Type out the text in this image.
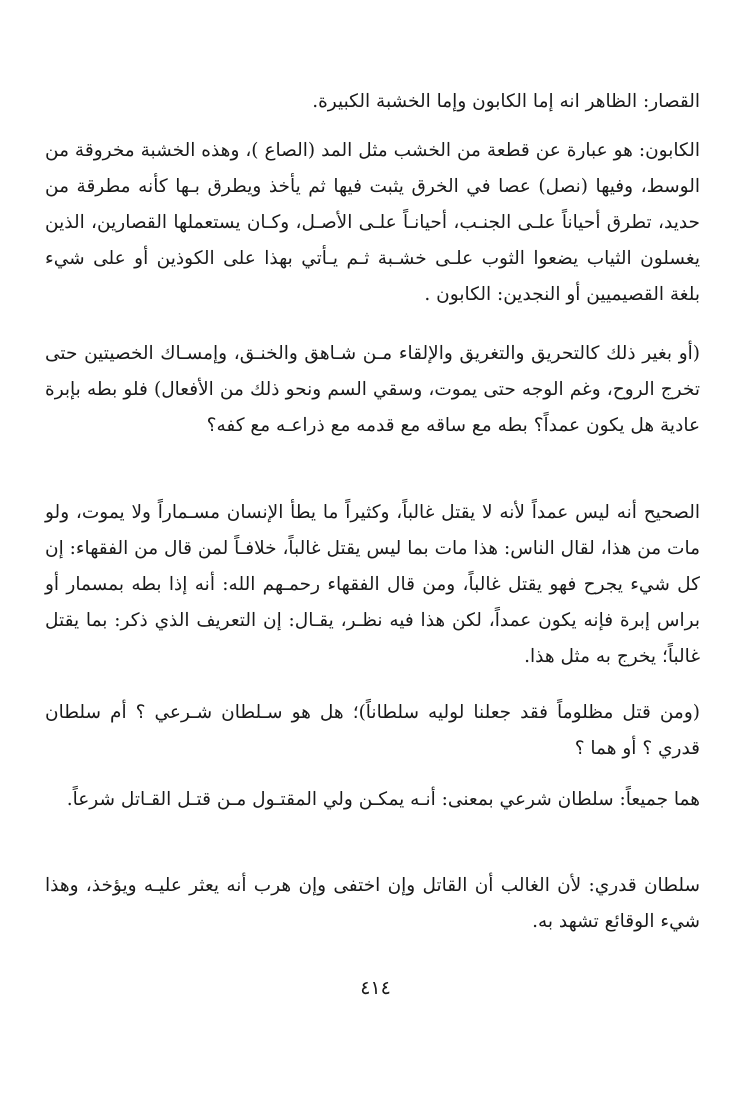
القصار: الظاهر انه إما الكابون وإما الخشبة الكبيرة.

الكابون: هو عبارة عن قطعة من الخشب مثل المد (الصاع )، وهذه الخشبة مخروقة من الوسط، وفيها (نصل) عصا في الخرق يثبت فيها ثم يأخذ ويطرق بـها كأنه مطرقة من حديد، تطرق أحياناً علـى الجنـب، أحيانـاً علـى الأصـل، وكـان يستعملها القصارين، الذين يغسلون الثياب يضعوا الثوب علـى خشـبة ثـم يـأتي بهذا على الكوذين أو على شيء بلغة القصيميين أو النجدين: الكابون .

(أو بغير ذلك كالتحريق والتغريق والإلقاء مـن شـاهق والخنـق، وإمسـاك الخصيتين حتى تخرج الروح، وغم الوجه حتى يموت، وسقي السم ونحو ذلك من الأفعال) فلو بطه بإبرة عادية هل يكون عمداً؟ بطه مع ساقه مع قدمه مع ذراعـه مع كفه؟

الصحيح أنه ليس عمداً لأنه لا يقتل غالباً، وكثيراً ما يطأ الإنسان مسـماراً ولا يموت، ولو مات من هذا، لقال الناس: هذا مات بما ليس يقتل غالباً، خلافـاً لمن قال من الفقهاء: إن كل شيء يجرح فهو يقتل غالباً، ومن قال الفقهاء رحمـهم الله: أنه إذا بطه بمسمار أو براس إبرة فإنه يكون عمداً، لكن هذا فيه نظـر، يقـال: إن التعريف الذي ذكر: بما يقتل غالباً؛ يخرج به مثل هذا.

(ومن قتل مظلوماً فقد جعلنا لوليه سلطاناً)؛ هل هو سـلطان شـرعي ؟ أم سلطان قدري ؟ أو هما ؟

هما جميعاً: سلطان شرعي بمعنى: أنـه يمكـن ولي المقتـول مـن قتـل القـاتل شرعاً.

سلطان قدري: لأن الغالب أن القاتل وإن اختفى وإن هرب أنه يعثر عليـه ويؤخذ، وهذا شيء الوقائع تشهد به.

٤١٤
